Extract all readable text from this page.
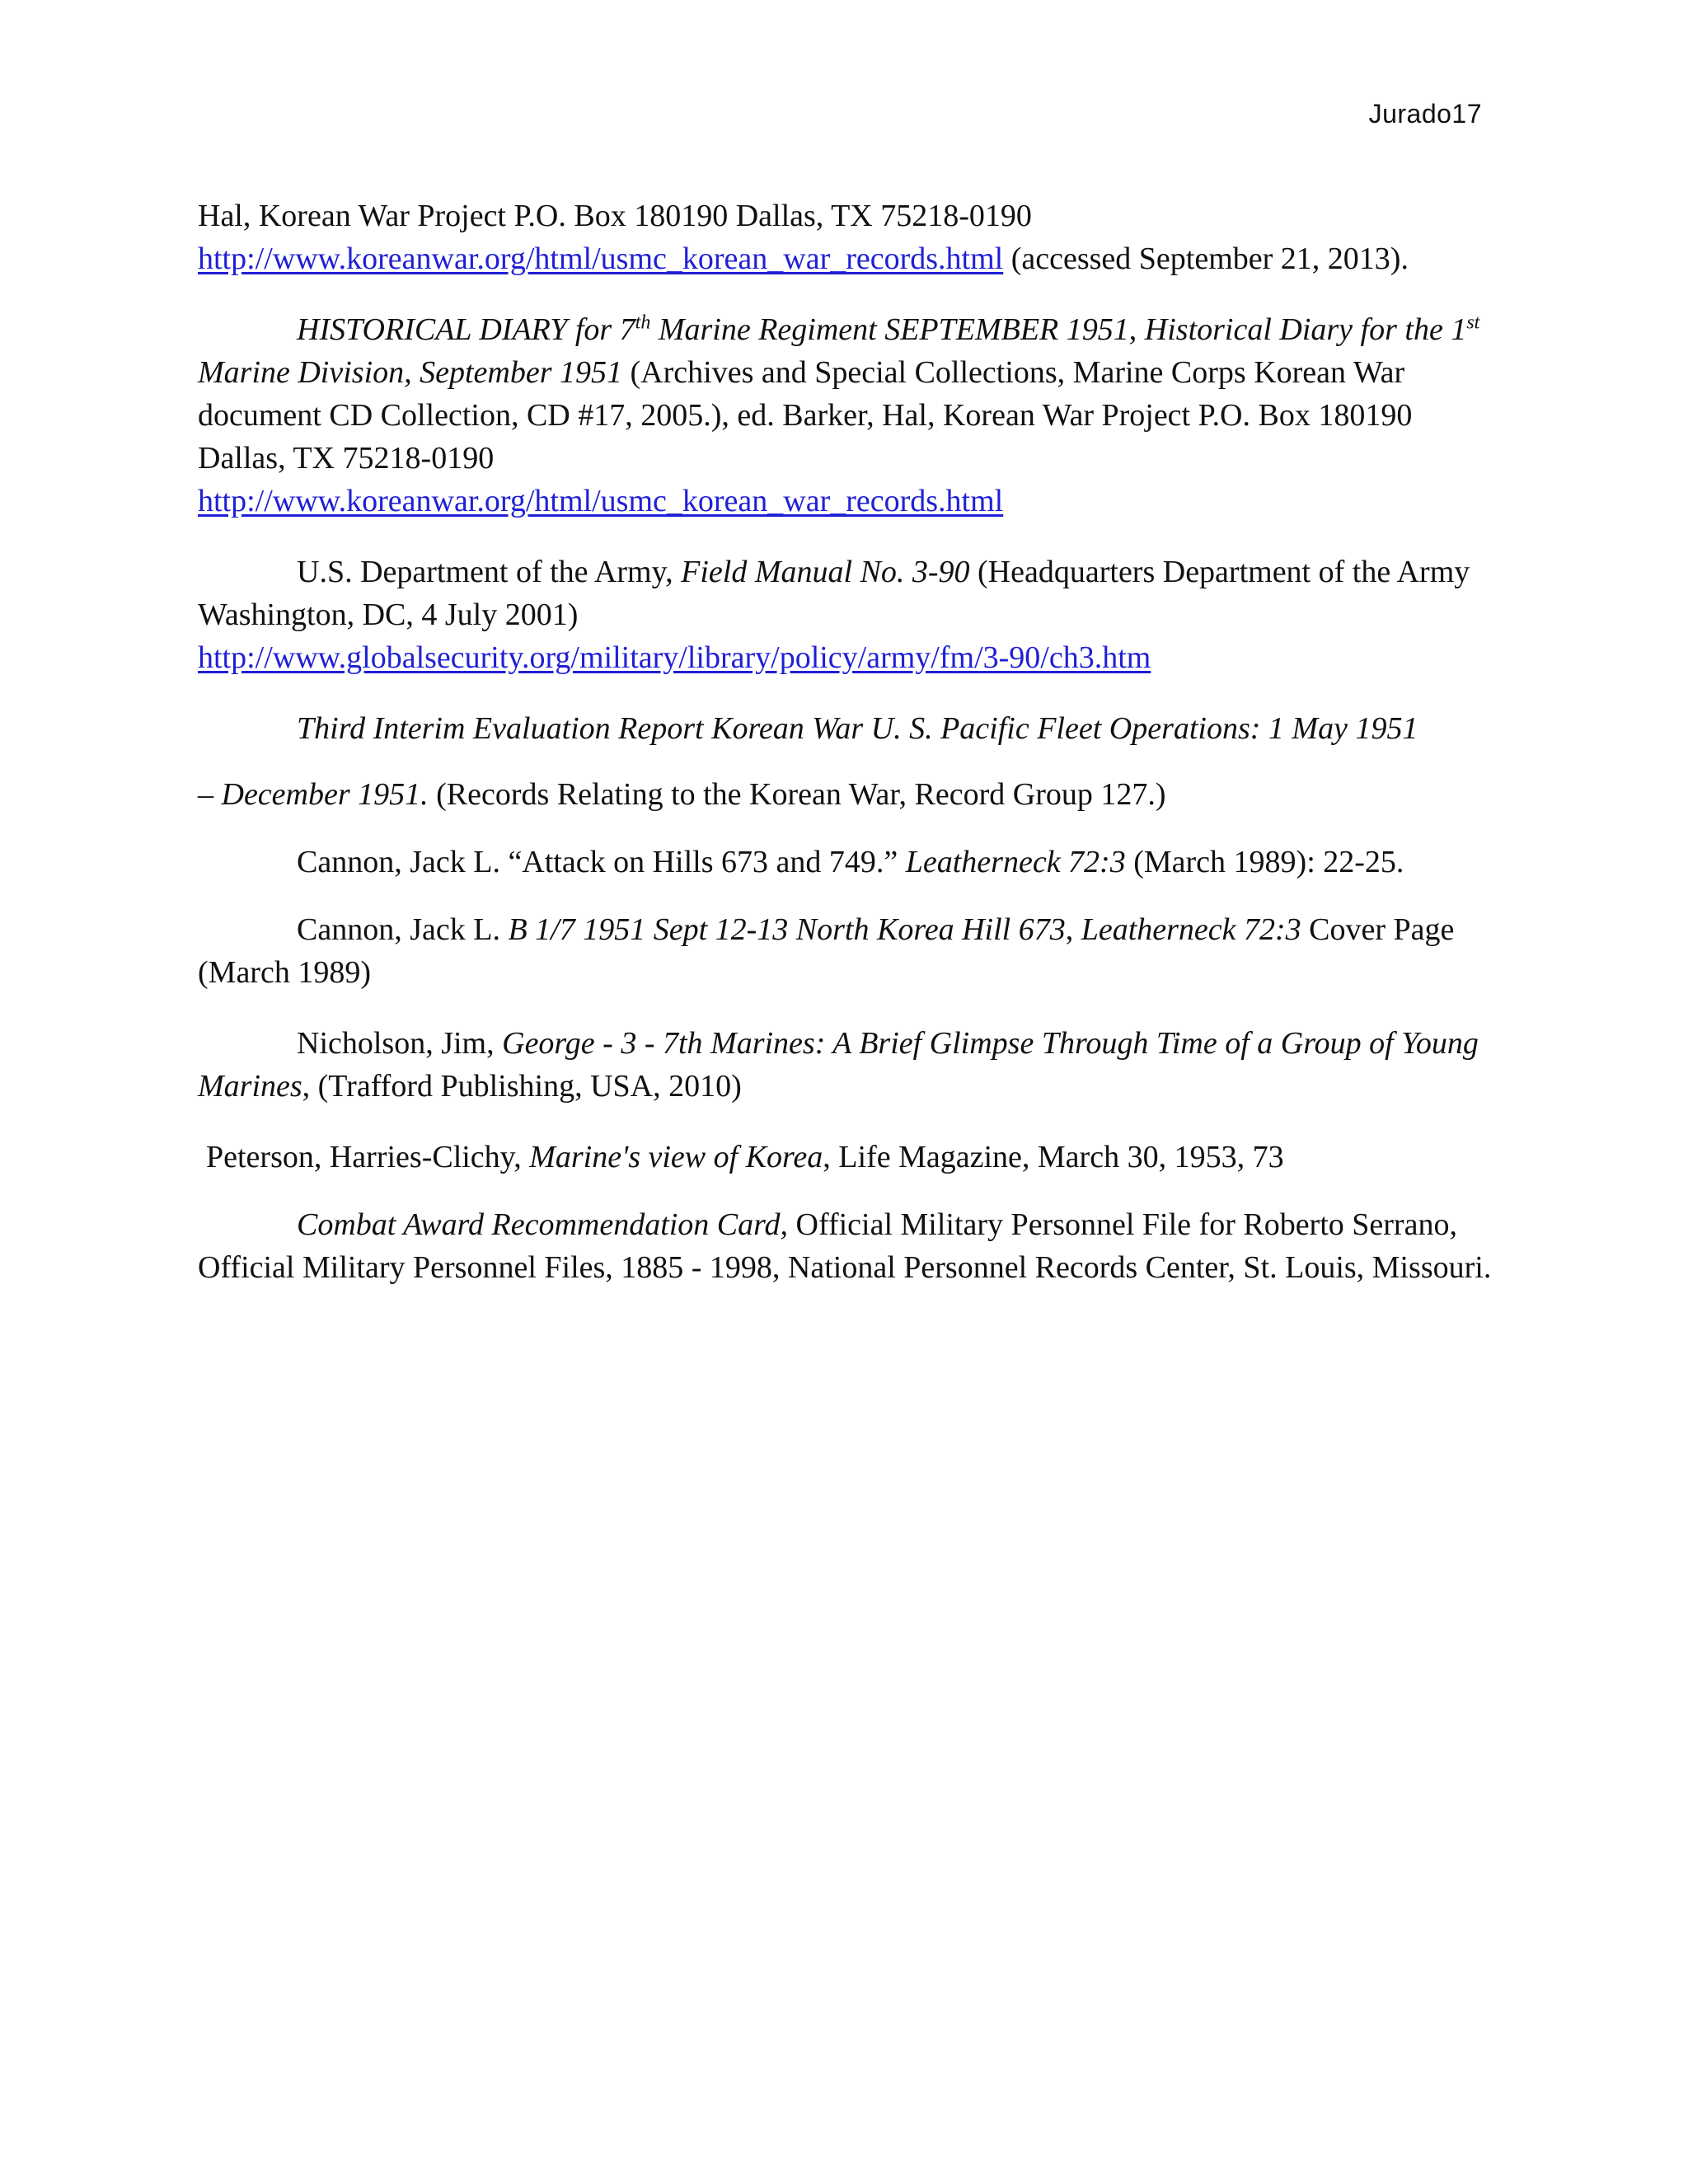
Jurado17

Hal, Korean War Project P.O. Box 180190 Dallas, TX 75218-0190
http://www.koreanwar.org/html/usmc_korean_war_records.html (accessed September 21, 2013).

HISTORICAL DIARY for 7th Marine Regiment SEPTEMBER 1951, Historical Diary for the 1st Marine Division, September 1951 (Archives and Special Collections, Marine Corps Korean War document CD Collection, CD #17, 2005.), ed. Barker, Hal, Korean War Project P.O. Box 180190 Dallas, TX 75218-0190
http://www.koreanwar.org/html/usmc_korean_war_records.html

U.S. Department of the Army, Field Manual No. 3-90 (Headquarters Department of the Army Washington, DC, 4 July 2001)
http://www.globalsecurity.org/military/library/policy/army/fm/3-90/ch3.htm

Third Interim Evaluation Report Korean War U. S. Pacific Fleet Operations: 1 May 1951

– December 1951. (Records Relating to the Korean War, Record Group 127.)

Cannon, Jack L. “Attack on Hills 673 and 749.” Leatherneck 72:3 (March 1989): 22-25.

Cannon, Jack L. B 1/7 1951 Sept 12-13 North Korea Hill 673, Leatherneck 72:3 Cover Page (March 1989)

Nicholson, Jim, George - 3 - 7th Marines: A Brief Glimpse Through Time of a Group of Young Marines, (Trafford Publishing, USA, 2010)

Peterson, Harries-Clichy, Marine's view of Korea, Life Magazine, March 30, 1953, 73

Combat Award Recommendation Card, Official Military Personnel File for Roberto Serrano, Official Military Personnel Files, 1885 - 1998, National Personnel Records Center, St. Louis, Missouri.
